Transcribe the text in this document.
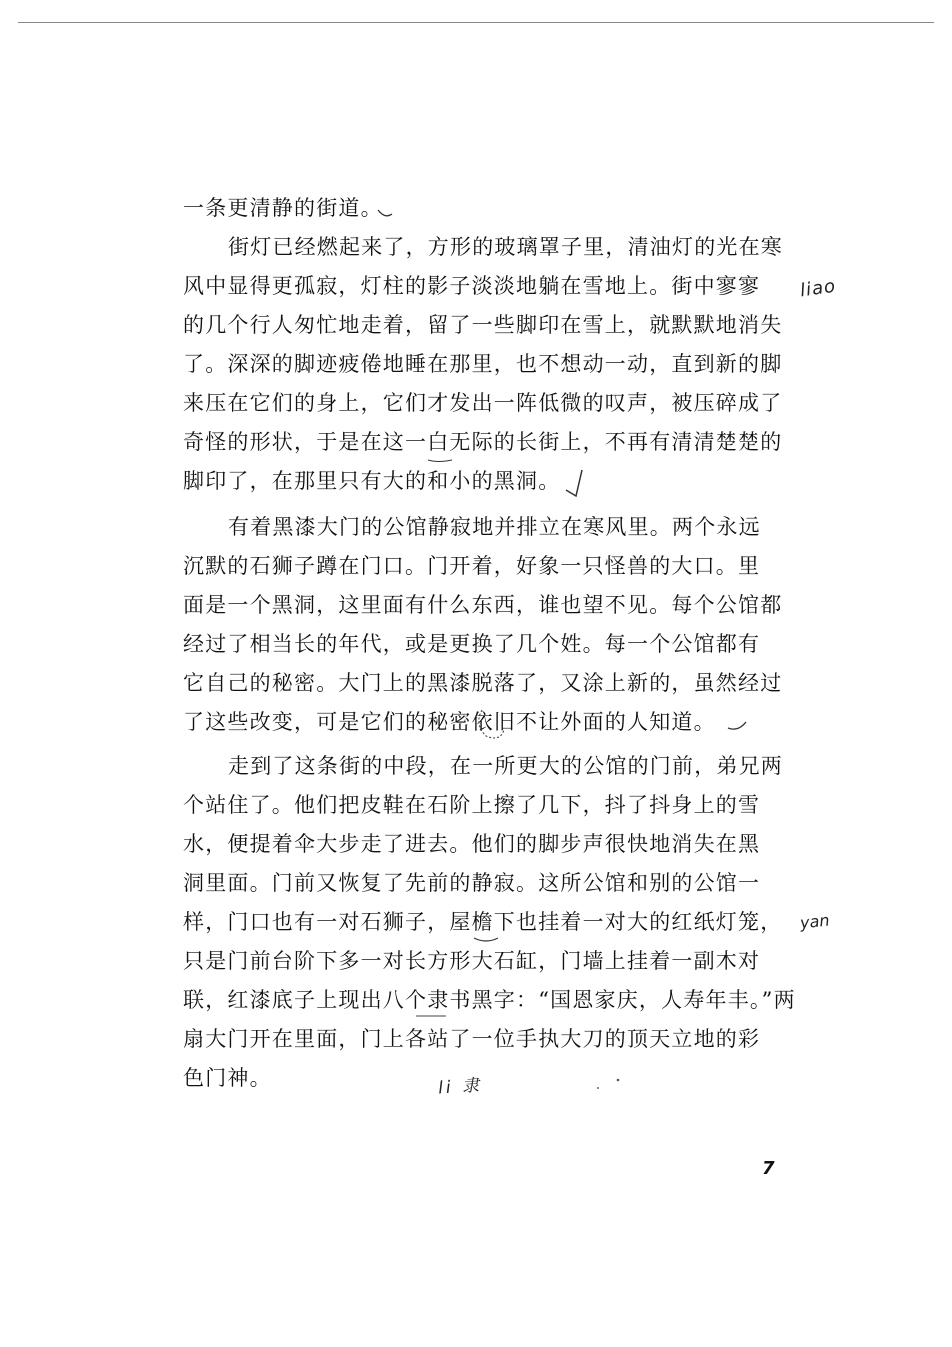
一条更清静的街道。
街灯已经燃起来了，方形的玻璃罩子里，清油灯的光在寒
风中显得更孤寂，灯柱的影子淡淡地躺在雪地上。街中寥寥
的几个行人匆忙地走着，留了一些脚印在雪上，就默默地消失
了。深深的脚迹疲倦地睡在那里，也不想动一动，直到新的脚
来压在它们的身上，它们才发出一阵低微的叹声，被压碎成了
奇怪的形状，于是在这一白无际的长街上，不再有清清楚楚的
脚印了，在那里只有大的和小的黑洞。
有着黑漆大门的公馆静寂地并排立在寒风里。两个永远
沉默的石狮子蹲在门口。门开着，好象一只怪兽的大口。里
面是一个黑洞，这里面有什么东西，谁也望不见。每个公馆都
经过了相当长的年代，或是更换了几个姓。每一个公馆都有
它自己的秘密。大门上的黑漆脱落了，又涂上新的，虽然经过
了这些改变，可是它们的秘密依旧不让外面的人知道。
走到了这条街的中段，在一所更大的公馆的门前，弟兄两
个站住了。他们把皮鞋在石阶上擦了几下，抖了抖身上的雪
水，便提着伞大步走了进去。他们的脚步声很快地消失在黑
洞里面。门前又恢复了先前的静寂。这所公馆和别的公馆一
样，门口也有一对石狮子，屋檐下也挂着一对大的红纸灯笼，
只是门前台阶下多一对长方形大石缸，门墙上挂着一副木对
联，红漆底子上现出八个隶书黑字：“国恩家庆，人寿年丰。”两
扇大门开在里面，门上各站了一位手执大刀的顶天立地的彩
色门神。
liao
yan
li 隶
7
